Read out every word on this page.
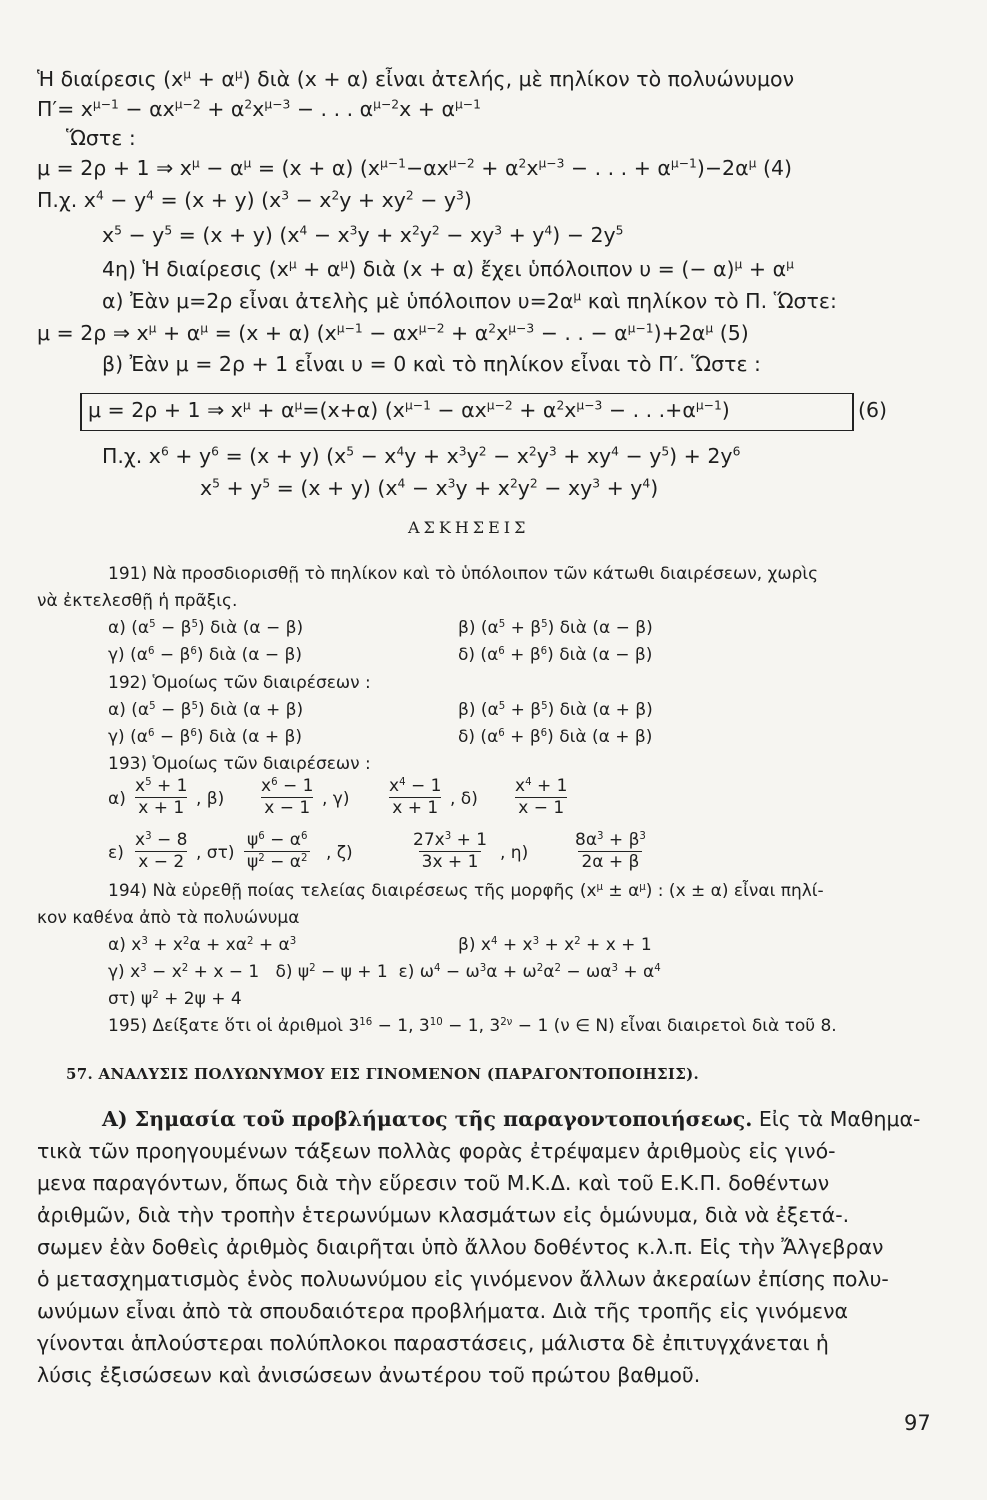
Ἡ διαίρεσις $(x^\mu + \alpha^\mu)$ διὰ (x + α) εἶναι ἀτελής, μὲ πηλίκον τὸ πολυώνυμον
$\Pi'= x^{\mu-1} - \alpha x^{\mu-2} + \alpha^2x^{\mu-3}$ − . . . $\alpha^{\mu-2}x + \alpha^{\mu-1}$
Ὥστε :
μ = 2ρ + 1 ⇒ $x^\mu - \alpha^\mu = (x + \alpha) (x^{\mu-1}-\alpha x^{\mu-2} + \alpha^2x^{\mu-3}$ − . . . + $\alpha^{\mu-1})-2\alpha^\mu$ (4)
Π.χ. $x^4 - y^4 = (x + y) (x^3 - x^2y + xy^2 - y^3)$
$x^5 - y^5 = (x + y) (x^4 - x^3y + x^2y^2 - xy^3 + y^4) - 2y^5$
4η) Ἡ διαίρεσις $(x^\mu + \alpha^\mu)$ διὰ (x + α) ἔχει ὑπόλοιπον υ = (− $\alpha)^\mu + \alpha^\mu$
α) Ἐὰν μ=2ρ εἶναι ἀτελὴς μὲ ὑπόλοιπον $\upsilon=2\alpha^\mu$ καὶ πηλίκον τὸ Π. Ὥστε:
μ = 2ρ ⇒ $x^\mu + \alpha^\mu = (x + \alpha) (x^{\mu-1} - \alpha x^{\mu-2} + \alpha^2x^{\mu-3}$ − . . − $\alpha^{\mu-1})+2\alpha^\mu$ (5)
β) Ἐὰν μ = 2ρ + 1 εἶναι υ = 0 καὶ τὸ πηλίκον εἶναι τὸ Π′. Ὥστε :
μ = 2ρ + 1 ⇒ $x^\mu + \alpha^\mu=(x+\alpha) (x^{\mu-1} - \alpha x^{\mu-2} + \alpha^2x^{\mu-3}$ − . . $.+\alpha^{\mu-1}$)	(6)
Π.χ. $x^6 + y^6 = (x + y) (x^5 - x^4y + x^3y^2 - x^2y^3 + xy^4 - y^5) + 2y^6$
$x^5 + y^5 = (x + y) (x^4 - x^3y + x^2y^2 - xy^3 + y^4)$
ΑΣΚΗΣΕΙΣ
191) Νὰ προσδιορισθῇ τὸ πηλίκον καὶ τὸ ὑπόλοιπον τῶν κάτωθι διαιρέσεων, χωρὶς
νὰ ἐκτελεσθῇ ἡ πρᾶξις.
α) $(\alpha^5 - \beta^5)$ διὰ (α − β)	β) $(\alpha^5 + \beta^5)$ διὰ (α − β)
γ) $(\alpha^6 - \beta^6)$ διὰ (α − β)	δ) $(\alpha^6 + \beta^6)$ διὰ (α − β)
192) Ὁμοίως τῶν διαιρέσεων :
α) $(\alpha^5 - \beta^5)$ διὰ (α + β)	β) $(\alpha^5 + \beta^5)$ διὰ (α + β)
γ) $(\alpha^6 - \beta^6)$ διὰ (α + β)	δ) $(\alpha^6 + \beta^6)$ διὰ (α + β)
193) Ὁμοίως τῶν διαιρέσεων :
$\alpha) \frac{x^5 + 1}{x + 1}$ , $\beta) \frac{x^6 - 1}{x - 1}$ , $\gamma) \frac{x^4 - 1}{x + 1}$ , $\delta) \frac{x^4 + 1}{x - 1}$
$\varepsilon) \frac{x^3 - 8}{x - 2}$ , $\sigma\tau) \frac{\psi^6 - \alpha^6}{\psi^2 - \alpha^2}$ , ζ)	$\frac{27x^3 + 1}{3x + 1}$ , η)	$\frac{8\alpha^3 + \beta^3}{2\alpha + \beta}$
194) Νὰ εὑρεθῇ ποίας τελείας διαιρέσεως τῆς μορφῆς $(x^\mu \pm \alpha^\mu)$ : (x ± α) εἶναι πηλί-
κον καθένα ἀπὸ τὰ πολυώνυμα
α) $x^3 + x^2\alpha + x\alpha^2 + \alpha^3$	β) $x^4 + x^3 + x^2 + x + 1$
γ) $x^3 - x^2 + x - 1$   δ) $\psi^2 - \psi + 1$  ε) $\omega^4 - \omega^3\alpha + \omega^2\alpha^2 - \omega\alpha^3 + \alpha^4$
στ) $\psi^2 + 2\psi + 4$
195) Δείξατε ὅτι οἱ ἀριθμοὶ $3^{16} - 1$, $3^{10} - 1$, $3^{2\nu} - 1$ (ν ∈ N) εἶναι διαιρετοὶ διὰ τοῦ 8.
57. ΑΝΑΛΥΣΙΣ ΠΟΛΥΩΝΥΜΟΥ ΕΙΣ ΓΙΝΟΜΕΝΟΝ (ΠΑΡΑΓΟΝΤΟΠΟΙΗΣΙΣ).
Α) Σημασία τοῦ προβλήματος τῆς παραγοντοποιήσεως. Εἰς τὰ Μαθημα-
τικὰ τῶν προηγουμένων τάξεων πολλὰς φορὰς ἐτρέψαμεν ἀριθμοὺς εἰς γινό-
μενα παραγόντων, ὅπως διὰ τὴν εὕρεσιν τοῦ Μ.Κ.Δ. καὶ τοῦ Ε.Κ.Π. δοθέντων
ἀριθμῶν, διὰ τὴν τροπὴν ἑτερωνύμων κλασμάτων εἰς ὁμώνυμα, διὰ νὰ ἐξετά-.
σωμεν ἐὰν δοθεὶς ἀριθμὸς διαιρῆται ὑπὸ ἄλλου δοθέντος κ.λ.π. Εἰς τὴν Ἄλγεβραν
ὁ μετασχηματισμὸς ἑνὸς πολυωνύμου εἰς γινόμενον ἄλλων ἀκεραίων ἐπίσης πολυ-
ωνύμων εἶναι ἀπὸ τὰ σπουδαιότερα προβλήματα. Διὰ τῆς τροπῆς εἰς γινόμενα
γίνονται ἁπλούστεραι πολύπλοκοι παραστάσεις, μάλιστα δὲ ἐπιτυγχάνεται ἡ
λύσις ἐξισώσεων καὶ ἀνισώσεων ἀνωτέρου τοῦ πρώτου βαθμοῦ.
97
